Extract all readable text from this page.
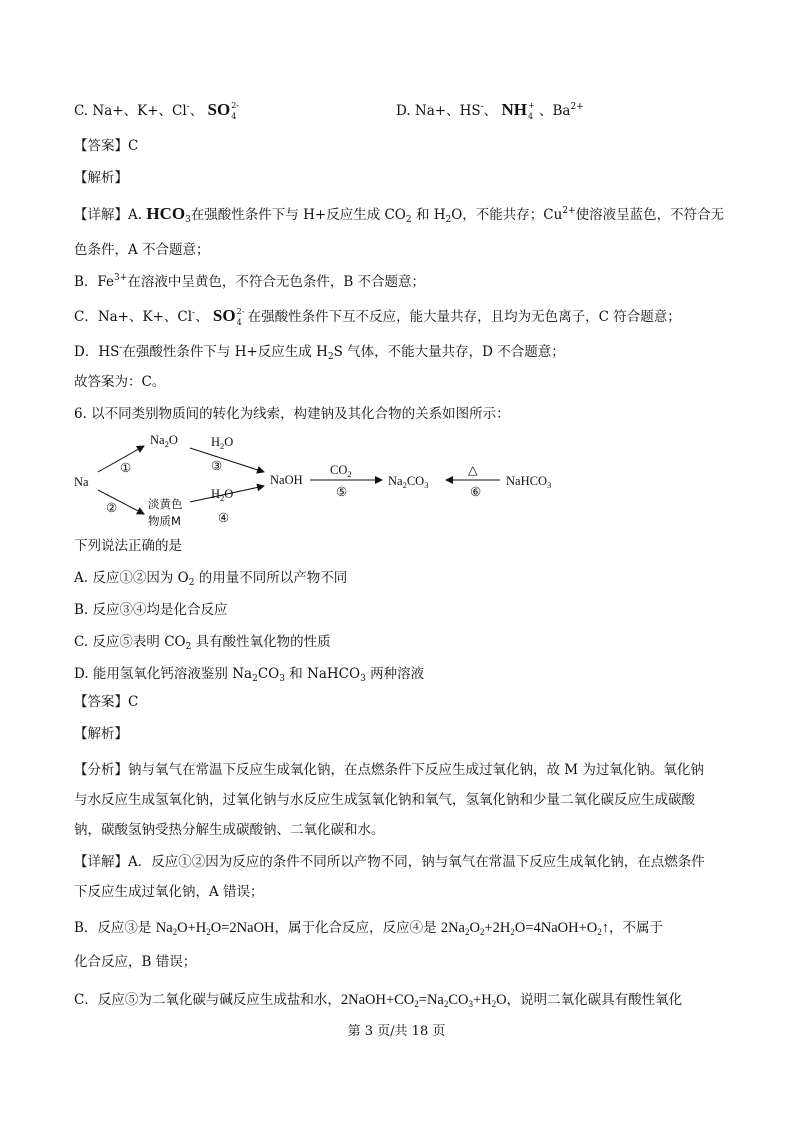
C. Na+、K+、Cl-、 SO 2-
4	D. Na+、HS-、 NH +
4 、$Ba^{2+}$
【答案】C
【解析】
【详解】A. $HCO_3$在强酸性条件下与 H+反应生成 $CO_2$ 和 $H_2O$，不能共存；$Cu^{2+}$使溶液呈蓝色，不符合无
色条件，A 不合题意；
B．$Fe^{3+}$在溶液中呈黄色，不符合无色条件，B 不合题意；
C．Na+、K+、Cl-、 SO 2-
4 在强酸性条件下互不反应，能大量共存，且均为无色离子，C 符合题意；
D．HS-在强酸性条件下与 H+反应生成 $H_2S$ 气体，不能大量共存，D 不合题意；
故答案为：C。
6. 以不同类别物质间的转化为线索，构建钠及其化合物的关系如图所示：
Na
①
$Na_2O$
②	淡黄色
物质M
$H_2O$
③
$H_2O$
④
NaOH
$CO_2$
⑤
$Na_2CO_3$
△
⑥
NaHCO$_3$
下列说法正确的是
A. 反应①②因为 $O_2$ 的用量不同所以产物不同
B. 反应③④均是化合反应
C. 反应⑤表明 $CO_2$ 具有酸性氧化物的性质
D. 能用氢氧化钙溶液鉴别 $Na_2CO_3$ 和 NaHCO$_3$ 两种溶液
【答案】C
【解析】
【分析】钠与氧气在常温下反应生成氧化钠，在点燃条件下反应生成过氧化钠，故 M 为过氧化钠。氧化钠
与水反应生成氢氧化钠，过氧化钠与水反应生成氢氧化钠和氧气，氢氧化钠和少量二氧化碳反应生成碳酸
钠，碳酸氢钠受热分解生成碳酸钠、二氧化碳和水。
【详解】A．反应①②因为反应的条件不同所以产物不同，钠与氧气在常温下反应生成氧化钠，在点燃条件
下反应生成过氧化钠，A 错误；
B．反应③是 $Na_2O+H_2O=2NaOH$，属于化合反应，反应④是 $2Na_2O_2+2H_2O=4NaOH+O_2↑$，不属于
化合反应，B 错误；
C．反应⑤为二氧化碳与碱反应生成盐和水，$2NaOH+CO_2=Na_2CO_3+H_2O$，说明二氧化碳具有酸性氧化
第 3 页/共 18 页
